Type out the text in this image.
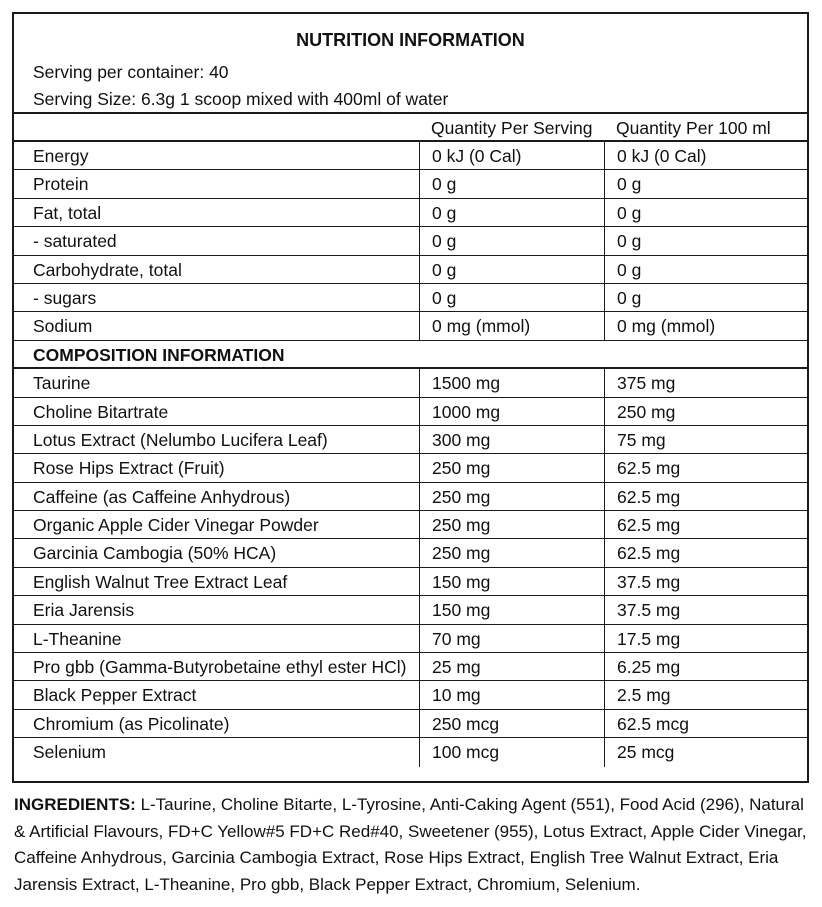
NUTRITION INFORMATION
Serving per container: 40
Serving Size: 6.3g 1 scoop mixed with 400ml of water
Quantity Per Serving	Quantity Per 100 ml
Energy	0 kJ (0 Cal)	0 kJ (0 Cal)
Protein	0 g	0 g
Fat, total	0 g	0 g
- saturated	0 g	0 g
Carbohydrate, total	0 g	0 g
- sugars	0 g	0 g
Sodium	0 mg (mmol)	0 mg (mmol)
COMPOSITION INFORMATION
Taurine	1500 mg	375 mg
Choline Bitartrate	1000 mg	250 mg
Lotus Extract (Nelumbo Lucifera Leaf)	300 mg	75 mg
Rose Hips Extract (Fruit)	250 mg	62.5 mg
Caffeine (as Caffeine Anhydrous)	250 mg	62.5 mg
Organic Apple Cider Vinegar Powder	250 mg	62.5 mg
Garcinia Cambogia (50% HCA)	250 mg	62.5 mg
English Walnut Tree Extract Leaf	150 mg	37.5 mg
Eria Jarensis	150 mg	37.5 mg
L-Theanine	70 mg	17.5 mg
Pro gbb (Gamma-Butyrobetaine ethyl ester HCl)	25 mg	6.25 mg
Black Pepper Extract	10 mg	2.5 mg
Chromium (as Picolinate)	250 mcg	62.5 mcg
Selenium	100 mcg	25 mcg
INGREDIENTS: L-Taurine, Choline Bitarte, L-Tyrosine, Anti-Caking Agent (551), Food Acid (296), Natural & Artificial Flavours, FD+C Yellow#5 FD+C Red#40, Sweetener (955), Lotus Extract, Apple Cider Vinegar, Caffeine Anhydrous, Garcinia Cambogia Extract, Rose Hips Extract, English Tree Walnut Extract, Eria Jarensis Extract, L-Theanine, Pro gbb, Black Pepper Extract, Chromium, Selenium.
